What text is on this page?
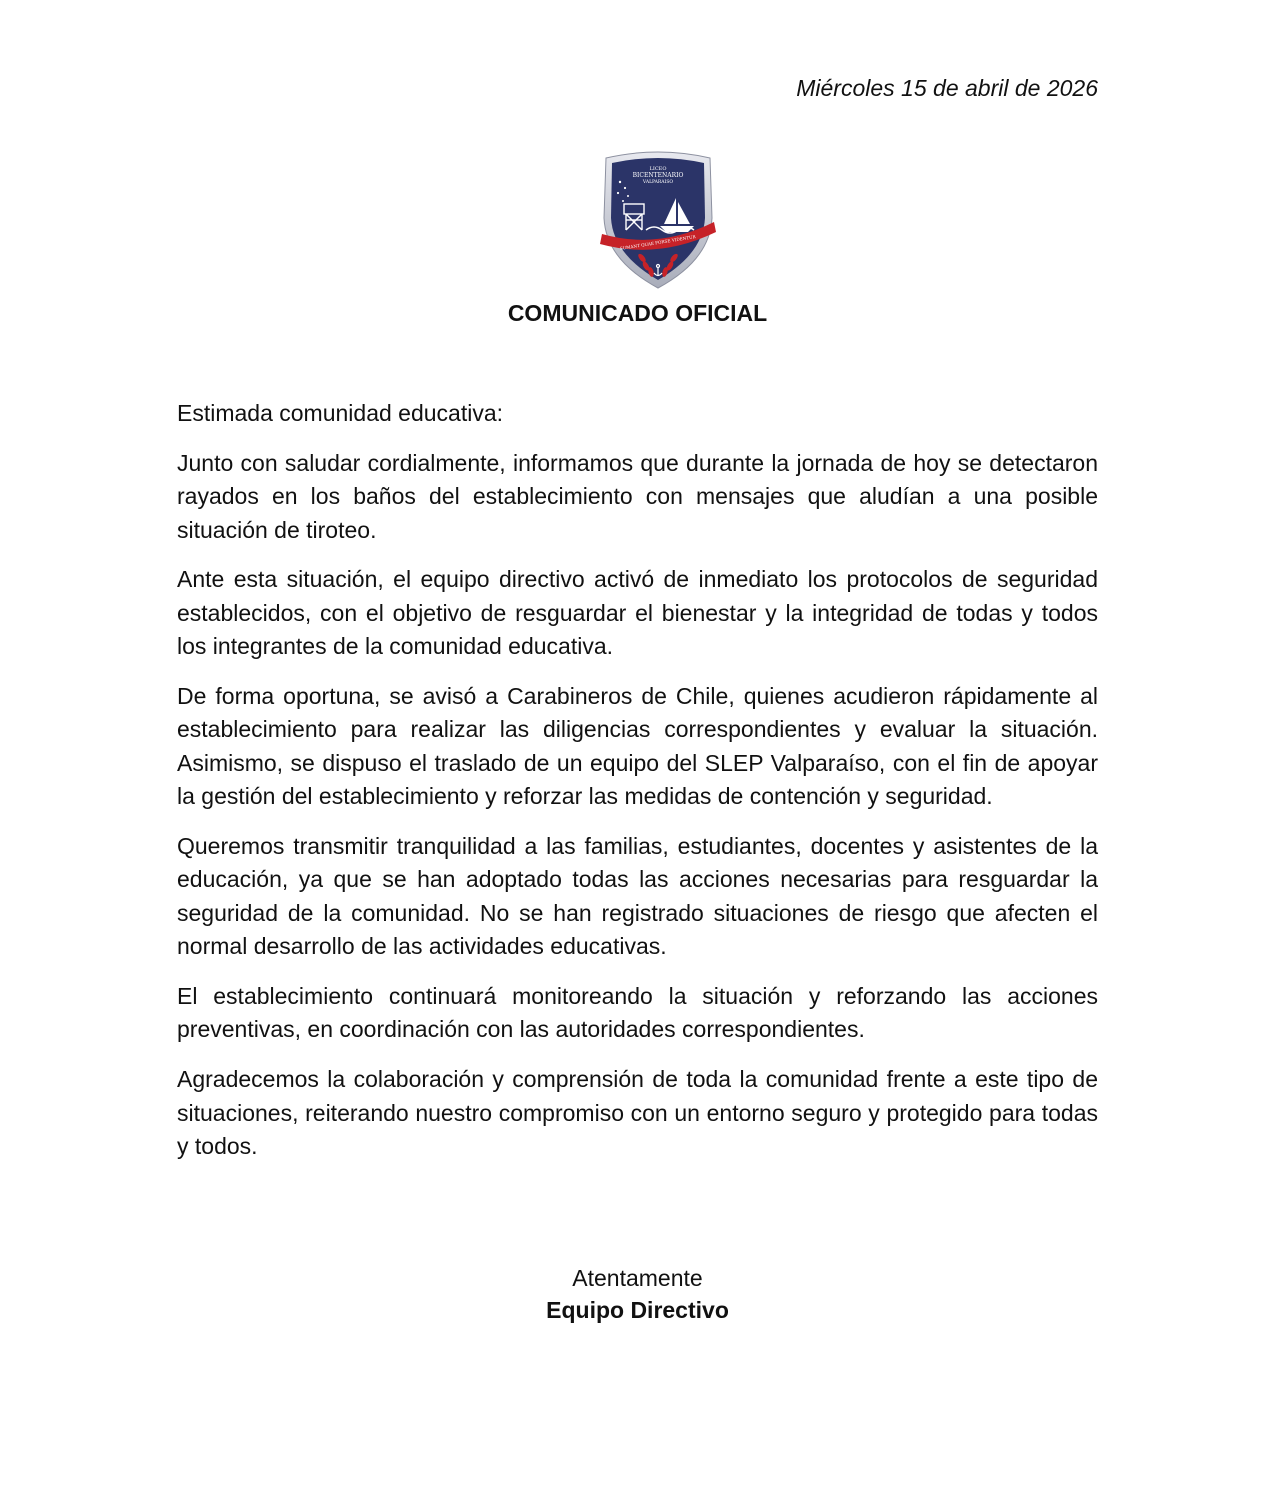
Miércoles 15 de abril de 2026
LICEO
BICENTENARIO
VALPARAISO
SUMANT QUAE FORSE VIDENTUR
COMUNICADO OFICIAL

Estimada comunidad educativa:

Junto con saludar cordialmente, informamos que durante la jornada de hoy se detectaron rayados en los baños del establecimiento con mensajes que aludían a una posible situación de tiroteo.

Ante esta situación, el equipo directivo activó de inmediato los protocolos de seguridad establecidos, con el objetivo de resguardar el bienestar y la integridad de todas y todos los integrantes de la comunidad educativa.

De forma oportuna, se avisó a Carabineros de Chile, quienes acudieron rápidamente al establecimiento para realizar las diligencias correspondientes y evaluar la situación. Asimismo, se dispuso el traslado de un equipo del SLEP Valparaíso, con el fin de apoyar la gestión del establecimiento y reforzar las medidas de contención y seguridad.

Queremos transmitir tranquilidad a las familias, estudiantes, docentes y asistentes de la educación, ya que se han adoptado todas las acciones necesarias para resguardar la seguridad de la comunidad. No se han registrado situaciones de riesgo que afecten el normal desarrollo de las actividades educativas.

El establecimiento continuará monitoreando la situación y reforzando las acciones preventivas, en coordinación con las autoridades correspondientes.

Agradecemos la colaboración y comprensión de toda la comunidad frente a este tipo de situaciones, reiterando nuestro compromiso con un entorno seguro y protegido para todas y todos.

Atentamente
Equipo Directivo
